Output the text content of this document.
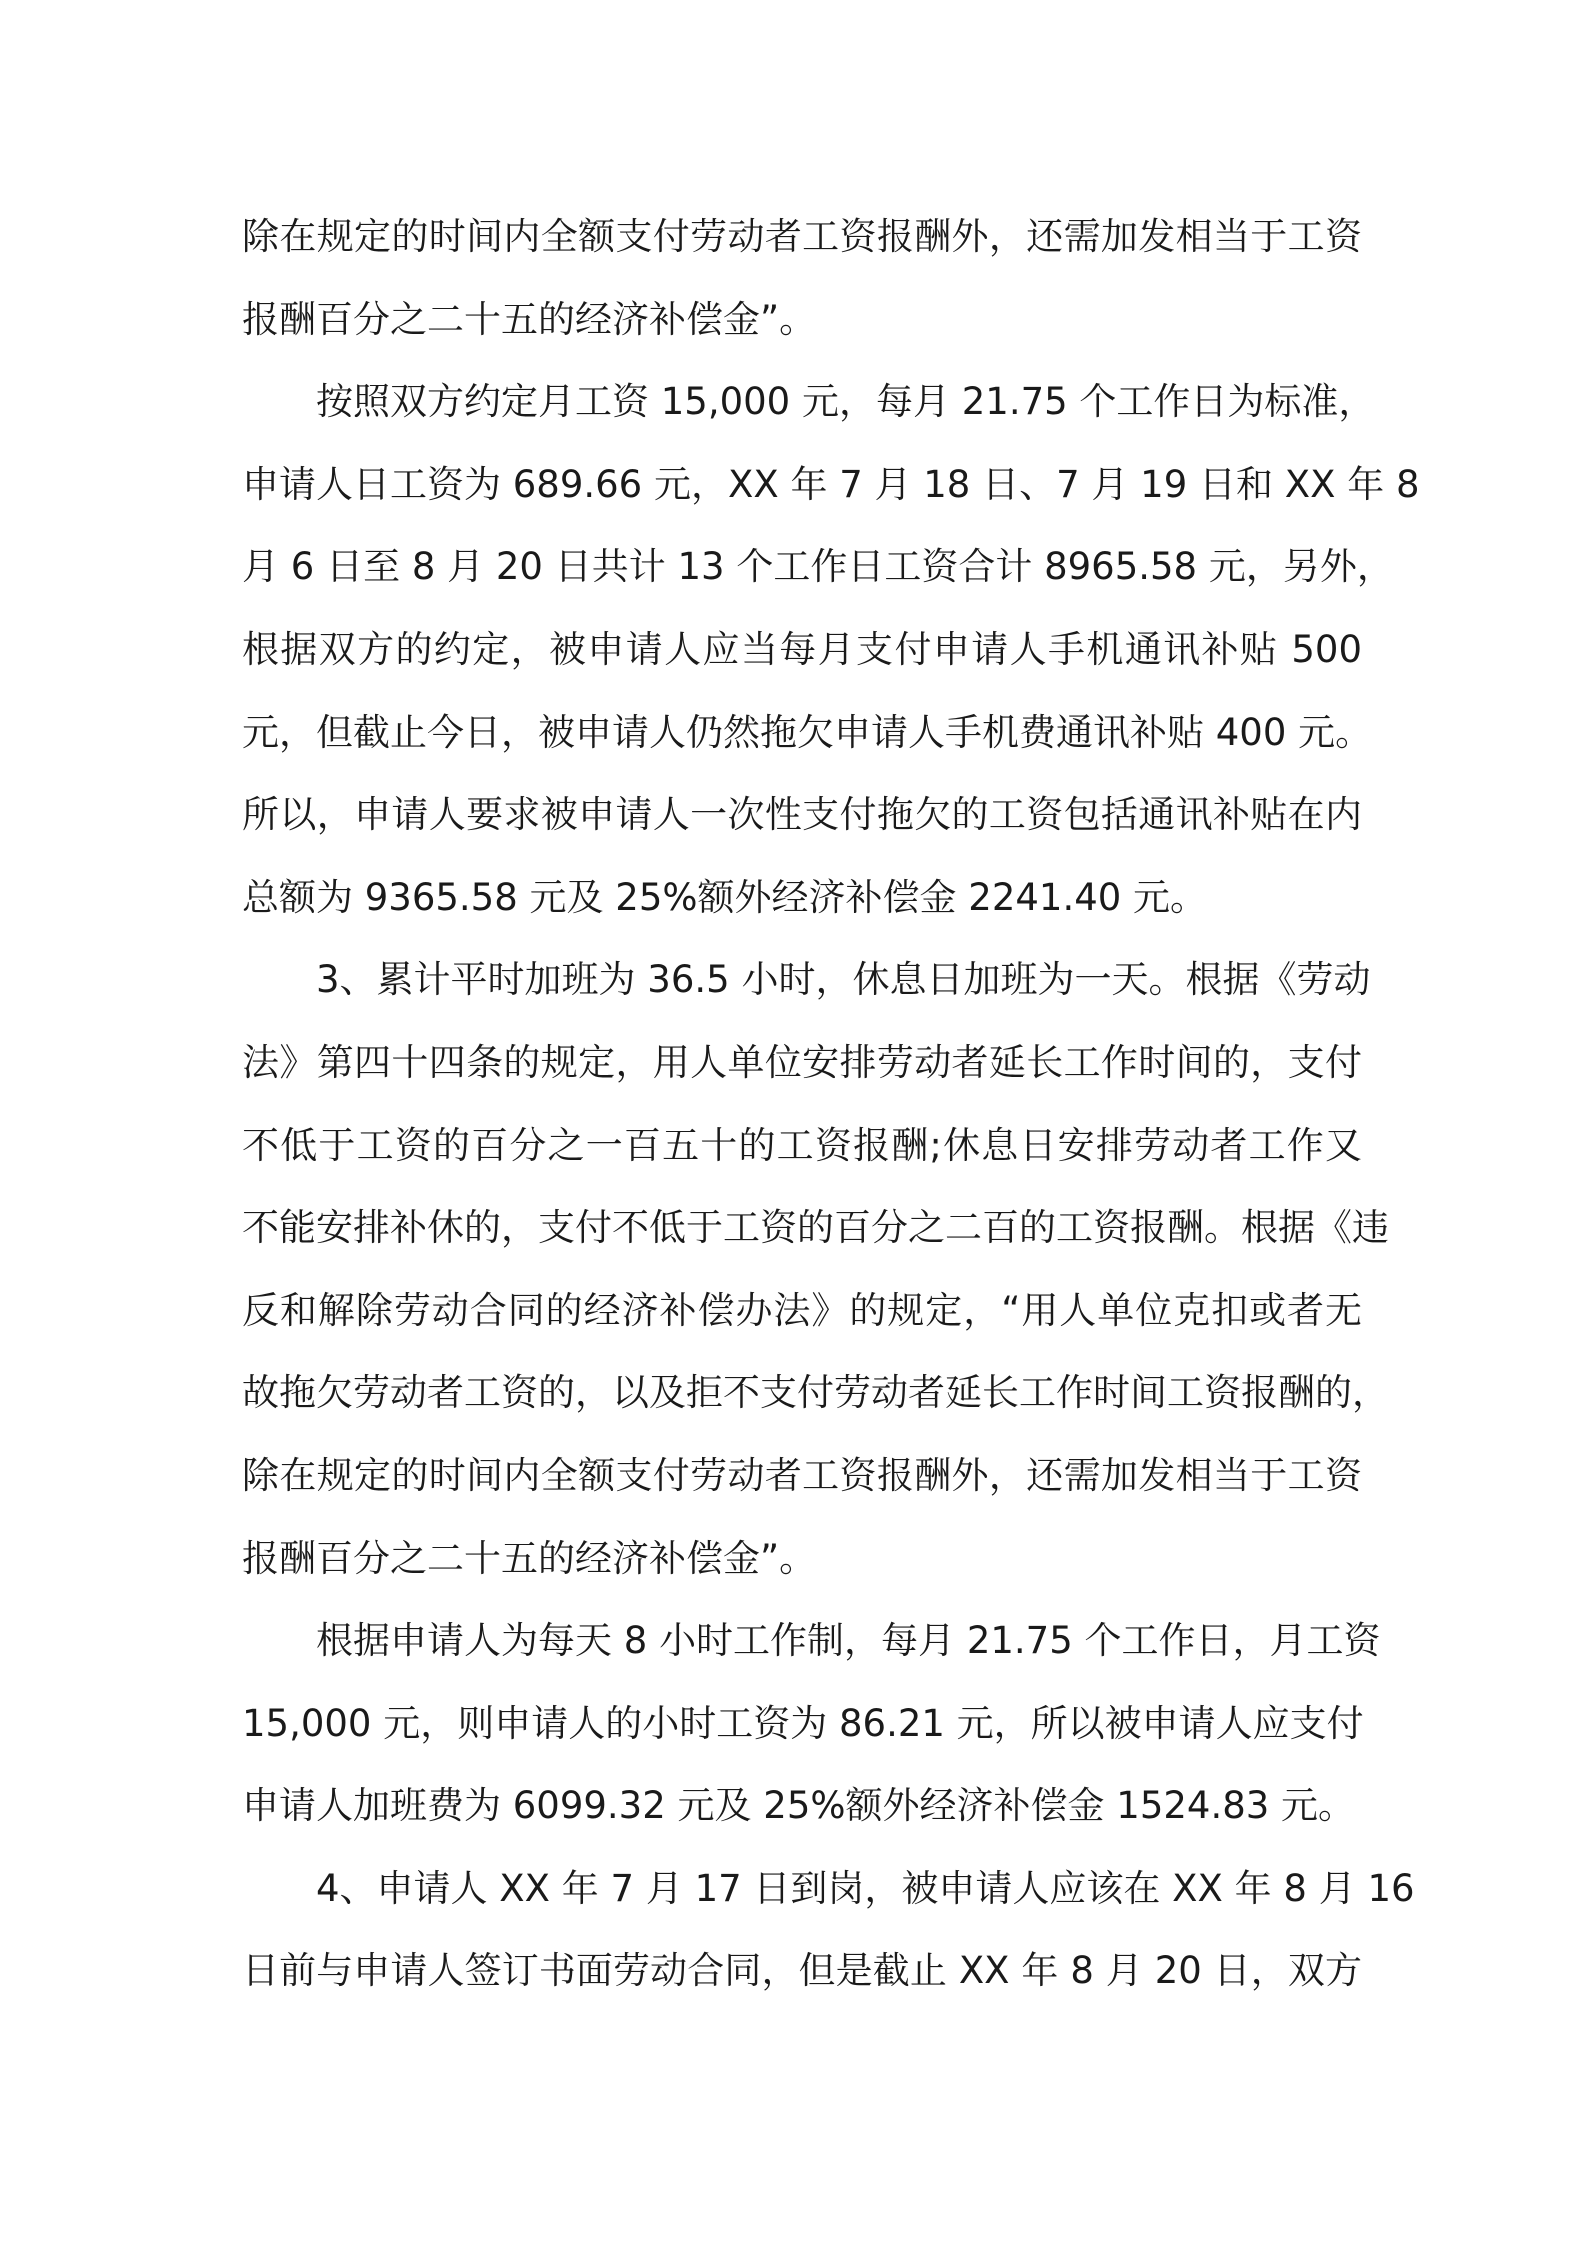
除在规定的时间内全额支付劳动者工资报酬外，还需加发相当于工资
报酬百分之二十五的经济补偿金”。
按照双方约定月工资 15,000 元，每月 21.75 个工作日为标准，
申请人日工资为 689.66 元，XX 年 7 月 18 日、7 月 19 日和 XX 年 8
月 6 日至 8 月 20 日共计 13 个工作日工资合计 8965.58 元，另外，
根据双方的约定，被申请人应当每月支付申请人手机通讯补贴 500
元，但截止今日，被申请人仍然拖欠申请人手机费通讯补贴 400 元。
所以，申请人要求被申请人一次性支付拖欠的工资包括通讯补贴在内
总额为 9365.58 元及 25%额外经济补偿金 2241.40 元。
3、累计平时加班为 36.5 小时，休息日加班为一天。根据《劳动
法》第四十四条的规定，用人单位安排劳动者延长工作时间的，支付
不低于工资的百分之一百五十的工资报酬;休息日安排劳动者工作又
不能安排补休的，支付不低于工资的百分之二百的工资报酬。根据《违
反和解除劳动合同的经济补偿办法》的规定，“用人单位克扣或者无
故拖欠劳动者工资的，以及拒不支付劳动者延长工作时间工资报酬的，
除在规定的时间内全额支付劳动者工资报酬外，还需加发相当于工资
报酬百分之二十五的经济补偿金”。
根据申请人为每天 8 小时工作制，每月 21.75 个工作日，月工资
15,000 元，则申请人的小时工资为 86.21 元，所以被申请人应支付
申请人加班费为 6099.32 元及 25%额外经济补偿金 1524.83 元。
4、申请人 XX 年 7 月 17 日到岗，被申请人应该在 XX 年 8 月 16
日前与申请人签订书面劳动合同，但是截止 XX 年 8 月 20 日，双方
